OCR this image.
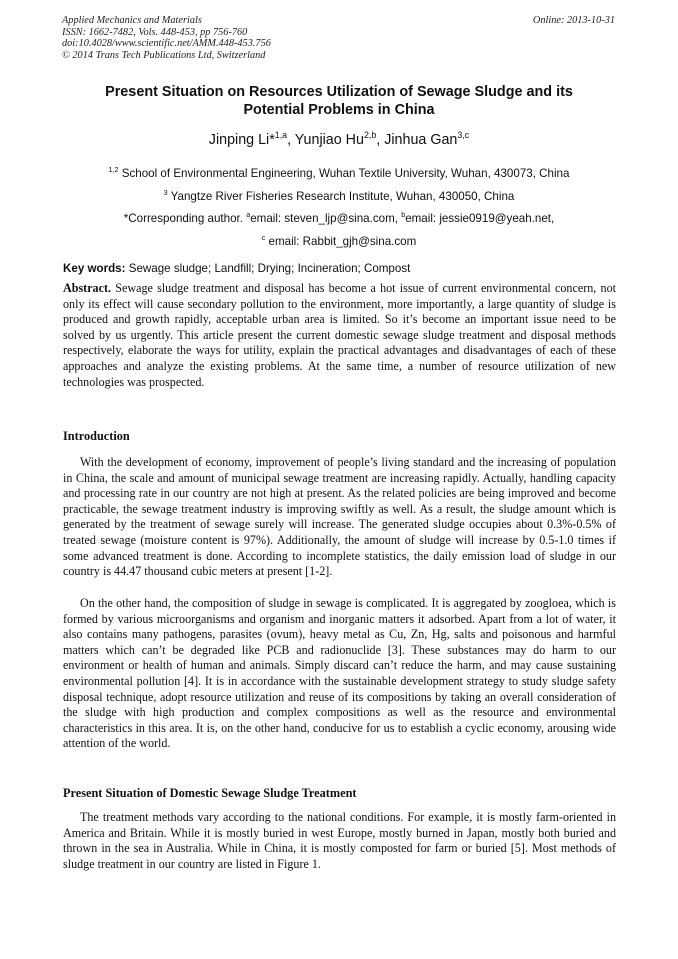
Applied Mechanics and Materials
ISSN: 1662-7482, Vols. 448-453, pp 756-760
doi:10.4028/www.scientific.net/AMM.448-453.756
© 2014 Trans Tech Publications Ltd, Switzerland
Online: 2013-10-31
Present Situation on Resources Utilization of Sewage Sludge and its
Potential Problems in China
Jinping Li*$^{1,a}$, Yunjiao Hu$^{2,b}$, Jinhua Gan$^{3,c}$
$^{1,2}$ School of Environmental Engineering, Wuhan Textile University, Wuhan, 430073, China
$^3$ Yangtze River Fisheries Research Institute, Wuhan, 430050, China
*Corresponding author. $^a$email: steven_ljp@sina.com, $^b$email: jessie0919@yeah.net,
$^c$ email: Rabbit_gjh@sina.com
Key words: Sewage sludge; Landfill; Drying; Incineration; Compost
Abstract. Sewage sludge treatment and disposal has become a hot issue of current environmental concern, not only its effect will cause secondary pollution to the environment, more importantly, a large quantity of sludge is produced and growth rapidly, acceptable urban area is limited. So it’s become an important issue need to be solved by us urgently. This article present the current domestic sewage sludge treatment and disposal methods respectively, elaborate the ways for utility, explain the practical advantages and disadvantages of each of these approaches and analyze the existing problems. At the same time, a number of resource utilization of new technologies was prospected.
Introduction
With the development of economy, improvement of people’s living standard and the increasing of population in China, the scale and amount of municipal sewage treatment are increasing rapidly. Actually, handling capacity and processing rate in our country are not high at present. As the related policies are being improved and become practicable, the sewage treatment industry is improving swiftly as well. As a result, the sludge amount which is generated by the treatment of sewage surely will increase. The generated sludge occupies about 0.3%-0.5% of treated sewage (moisture content is 97%). Additionally, the amount of sludge will increase by 0.5-1.0 times if some advanced treatment is done. According to incomplete statistics, the daily emission load of sludge in our country is 44.47 thousand cubic meters at present [1-2].
On the other hand, the composition of sludge in sewage is complicated. It is aggregated by zoogloea, which is formed by various microorganisms and organism and inorganic matters it adsorbed. Apart from a lot of water, it also contains many pathogens, parasites (ovum), heavy metal as Cu, Zn, Hg, salts and poisonous and harmful matters which can’t be degraded like PCB and radionuclide [3]. These substances may do harm to our environment or health of human and animals. Simply discard can’t reduce the harm, and may cause sustaining environmental pollution [4]. It is in accordance with the sustainable development strategy to study sludge safety disposal technique, adopt resource utilization and reuse of its compositions by taking an overall consideration of the sludge with high production and complex compositions as well as the resource and environmental characteristics in this area. It is, on the other hand, conducive for us to establish a cyclic economy, arousing wide attention of the world.
Present Situation of Domestic Sewage Sludge Treatment
The treatment methods vary according to the national conditions. For example, it is mostly farm-oriented in America and Britain. While it is mostly buried in west Europe, mostly burned in Japan, mostly both buried and thrown in the sea in Australia. While in China, it is mostly composted for farm or buried [5]. Most methods of sludge treatment in our country are listed in Figure 1.
